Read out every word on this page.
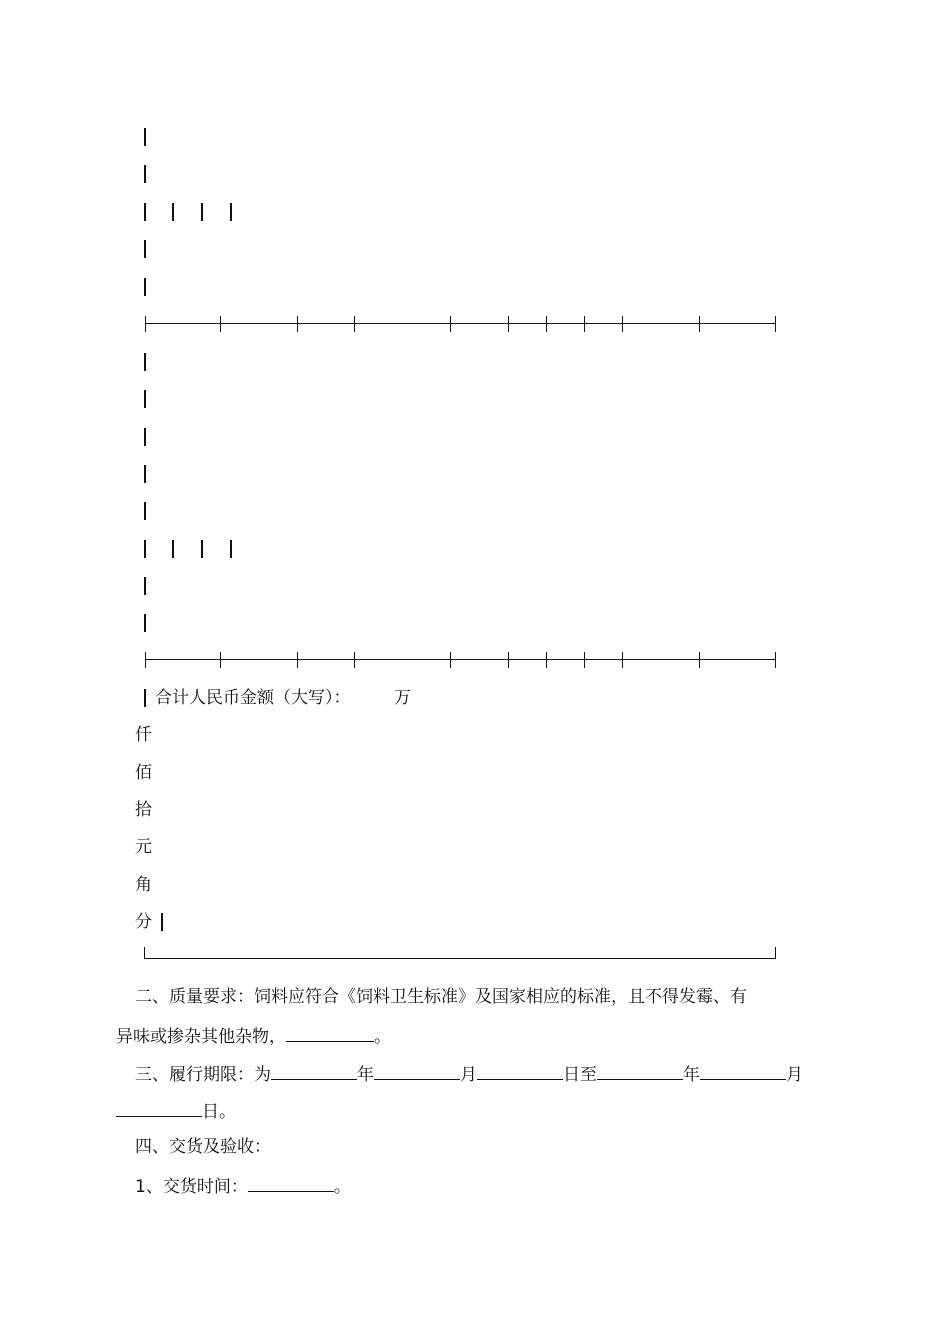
合计人民币金额（大写）：	万
仟
佰
拾
元
角
分
二、质量要求：饲料应符合《饲料卫生标准》及国家相应的标准，且不得发霉、有
异味或掺杂其他杂物，	。
三、履行期限：为	年	月	日至	年	月
日。
四、交货及验收：
1、交货时间：	。
